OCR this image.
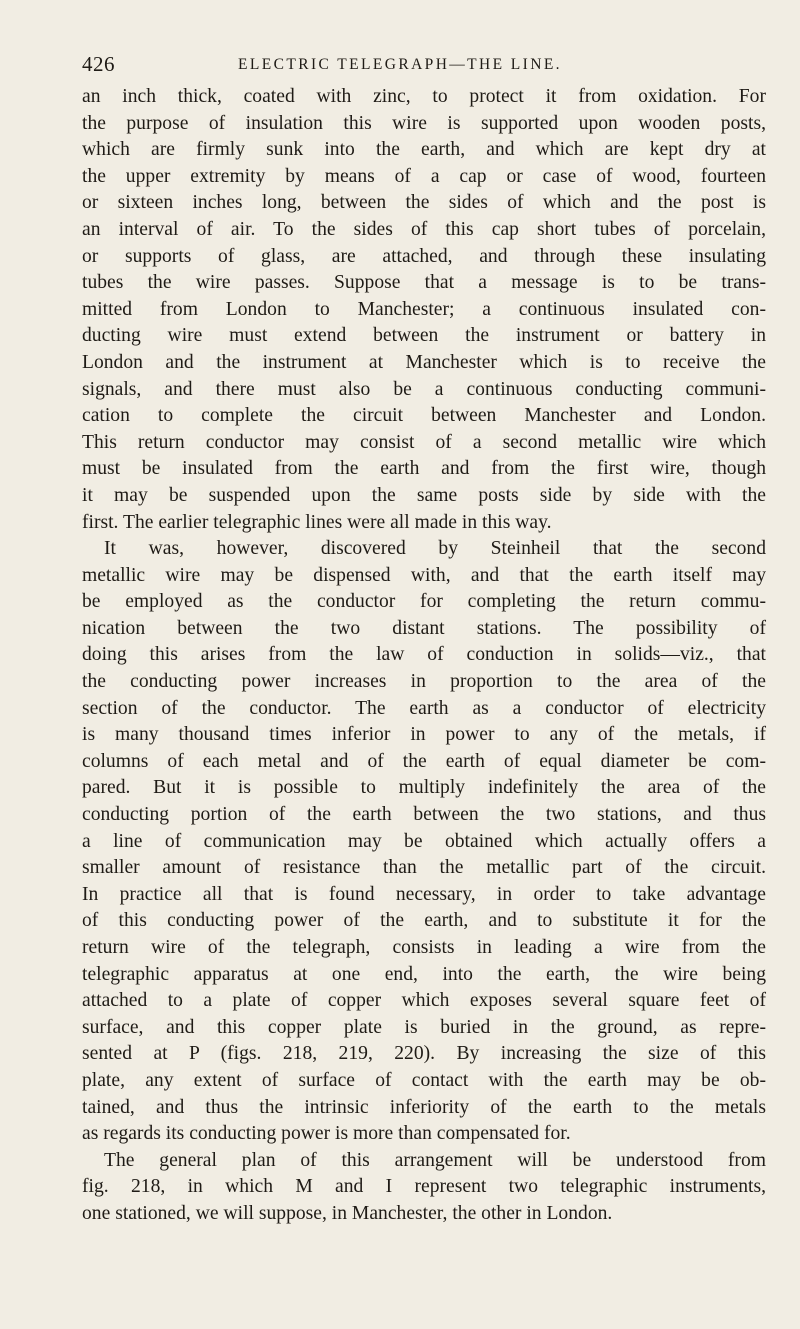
426	ELECTRIC TELEGRAPH—THE LINE.
an inch thick, coated with zinc, to protect it from oxidation. For
the purpose of insulation this wire is supported upon wooden posts,
which are firmly sunk into the earth, and which are kept dry at
the upper extremity by means of a cap or case of wood, fourteen
or sixteen inches long, between the sides of which and the post is
an interval of air. To the sides of this cap short tubes of porcelain,
or supports of glass, are attached, and through these insulating
tubes the wire passes. Suppose that a message is to be trans-
mitted from London to Manchester; a continuous insulated con-
ducting wire must extend between the instrument or battery in
London and the instrument at Manchester which is to receive the
signals, and there must also be a continuous conducting communi-
cation to complete the circuit between Manchester and London.
This return conductor may consist of a second metallic wire which
must be insulated from the earth and from the first wire, though
it may be suspended upon the same posts side by side with the
first. The earlier telegraphic lines were all made in this way.
It was, however, discovered by Steinheil that the second
metallic wire may be dispensed with, and that the earth itself may
be employed as the conductor for completing the return commu-
nication between the two distant stations. The possibility of
doing this arises from the law of conduction in solids—viz., that
the conducting power increases in proportion to the area of the
section of the conductor. The earth as a conductor of electricity
is many thousand times inferior in power to any of the metals, if
columns of each metal and of the earth of equal diameter be com-
pared. But it is possible to multiply indefinitely the area of the
conducting portion of the earth between the two stations, and thus
a line of communication may be obtained which actually offers a
smaller amount of resistance than the metallic part of the circuit.
In practice all that is found necessary, in order to take advantage
of this conducting power of the earth, and to substitute it for the
return wire of the telegraph, consists in leading a wire from the
telegraphic apparatus at one end, into the earth, the wire being
attached to a plate of copper which exposes several square feet of
surface, and this copper plate is buried in the ground, as repre-
sented at P (figs. 218, 219, 220). By increasing the size of this
plate, any extent of surface of contact with the earth may be ob-
tained, and thus the intrinsic inferiority of the earth to the metals
as regards its conducting power is more than compensated for.
The general plan of this arrangement will be understood from
fig. 218, in which M and I represent two telegraphic instruments,
one stationed, we will suppose, in Manchester, the other in London.
